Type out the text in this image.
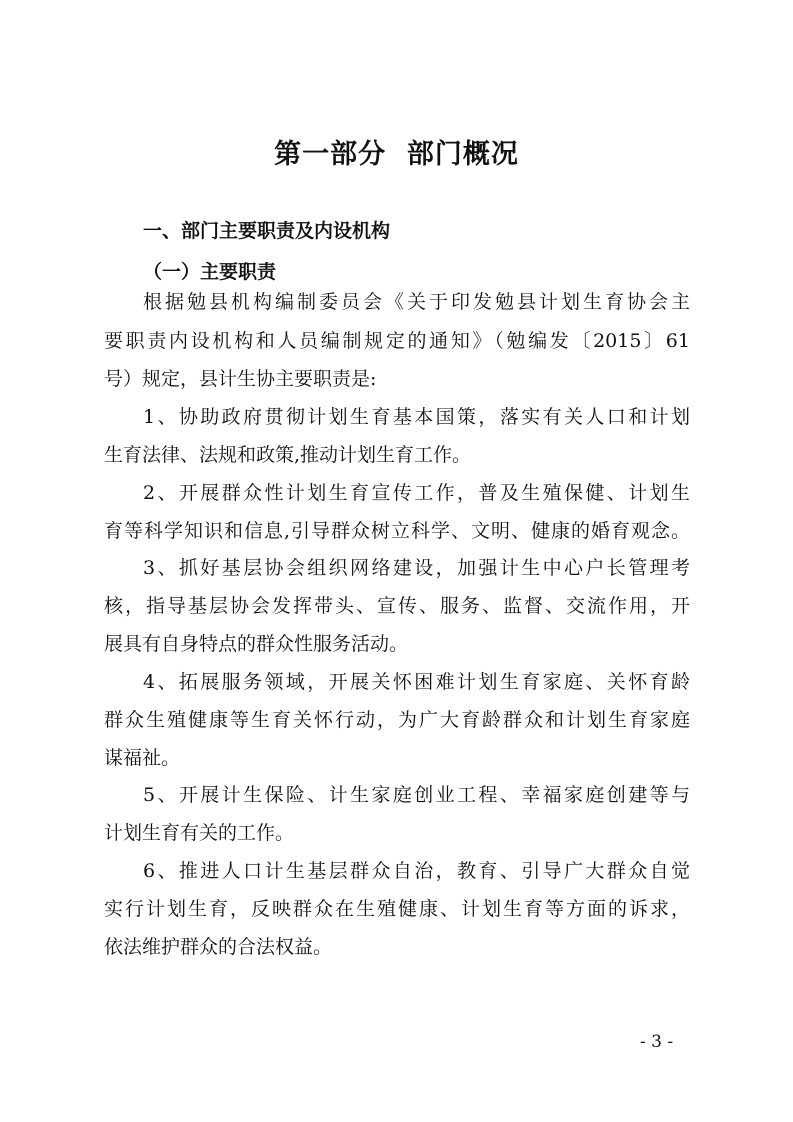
第一部分  部门概况
一、部门主要职责及内设机构
（一）主要职责
根据勉县机构编制委员会《关于印发勉县计划生育协会主
要职责内设机构和人员编制规定的通知》（勉编发〔2015〕61
号）规定，县计生协主要职责是:
1、协助政府贯彻计划生育基本国策，落实有关人口和计划
生育法律、法规和政策,推动计划生育工作。
2、开展群众性计划生育宣传工作，普及生殖保健、计划生
育等科学知识和信息,引导群众树立科学、文明、健康的婚育观念。
3、抓好基层协会组织网络建设，加强计生中心户长管理考
核，指导基层协会发挥带头、宣传、服务、监督、交流作用，开
展具有自身特点的群众性服务活动。
4、拓展服务领域，开展关怀困难计划生育家庭、关怀育龄
群众生殖健康等生育关怀行动，为广大育龄群众和计划生育家庭
谋福祉。
5、开展计生保险、计生家庭创业工程、幸福家庭创建等与
计划生育有关的工作。
6、推进人口计生基层群众自治，教育、引导广大群众自觉
实行计划生育，反映群众在生殖健康、计划生育等方面的诉求，
依法维护群众的合法权益。
- 3 -
